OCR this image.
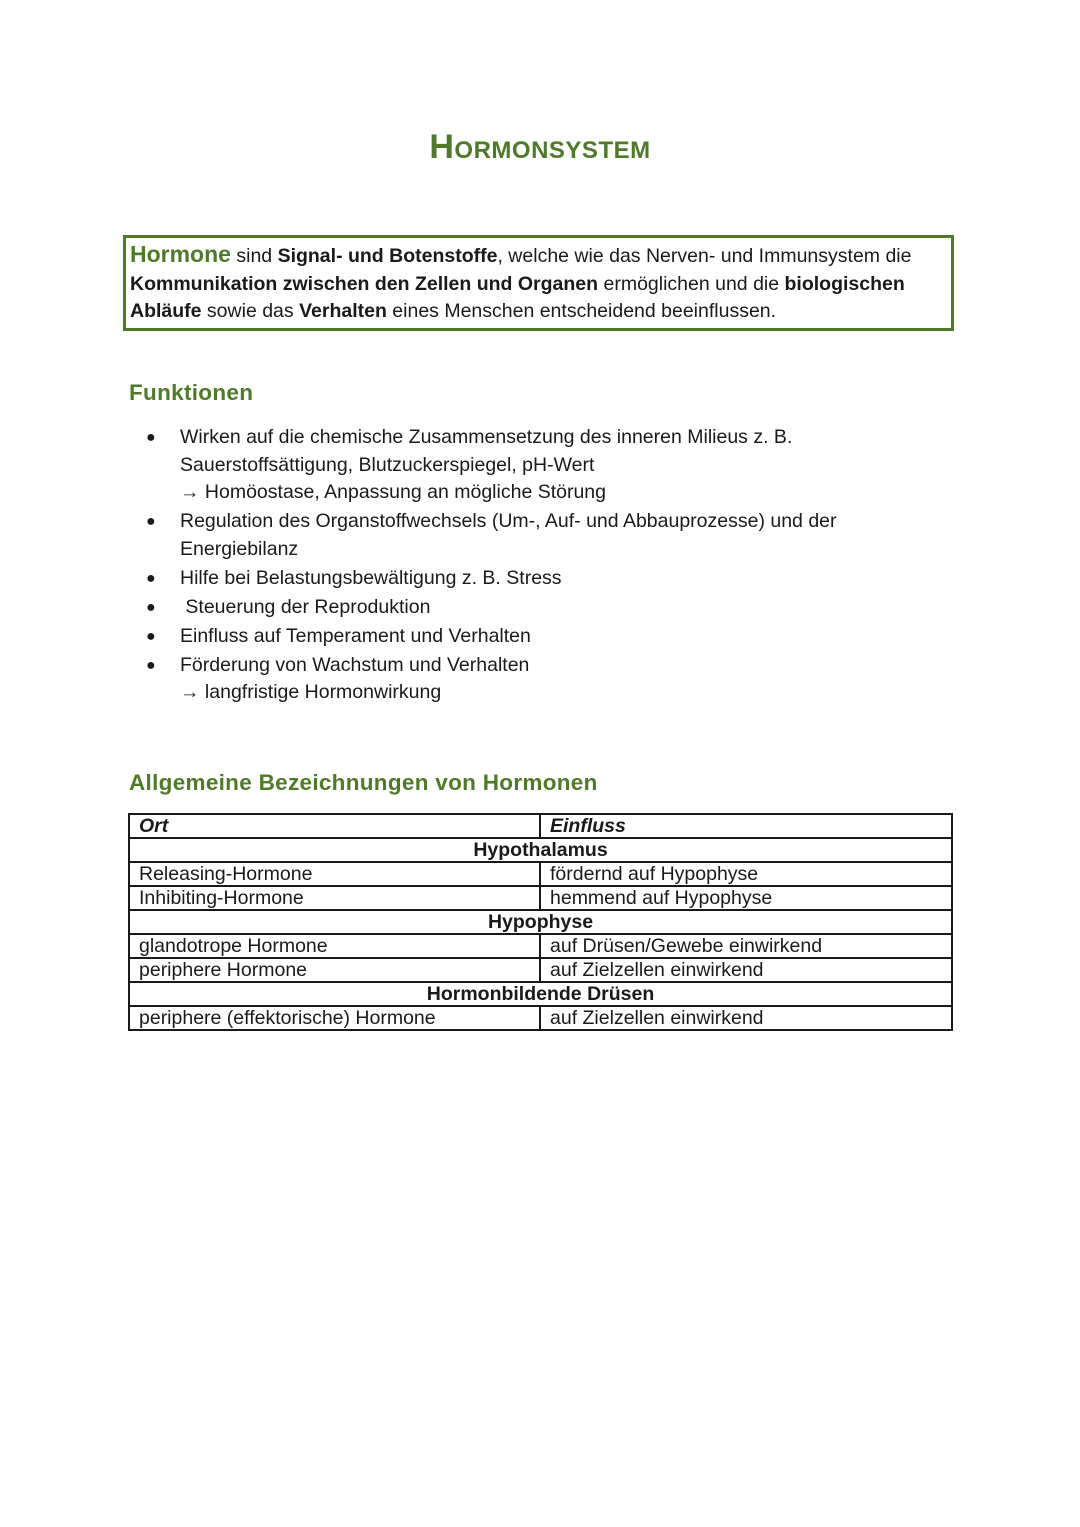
Hormonsystem
Hormone sind Signal- und Botenstoffe, welche wie das Nerven- und Immunsystem die Kommunikation zwischen den Zellen und Organen ermöglichen und die biologischen Abläufe sowie das Verhalten eines Menschen entscheidend beeinflussen.
Funktionen
● Wirken auf die chemische Zusammensetzung des inneren Milieus z. B.
Sauerstoffsättigung, Blutzuckerspiegel, pH-Wert
→ Homöostase, Anpassung an mögliche Störung
● Regulation des Organstoffwechsels (Um-, Auf- und Abbauprozesse) und der
Energiebilanz
● Hilfe bei Belastungsbewältigung z. B. Stress
● Steuerung der Reproduktion
● Einfluss auf Temperament und Verhalten
● Förderung von Wachstum und Verhalten
→ langfristige Hormonwirkung
Allgemeine Bezeichnungen von Hormonen
Ort	Einfluss
Hypothalamus	
Releasing-Hormone	fördernd auf Hypophyse
Inhibiting-Hormone	hemmend auf Hypophyse
Hypophyse	
glandotrope Hormone	auf Drüsen/Gewebe einwirkend
periphere Hormone	auf Zielzellen einwirkend
Hormonbildende Drüsen	
periphere (effektorische) Hormone	auf Zielzellen einwirkend
